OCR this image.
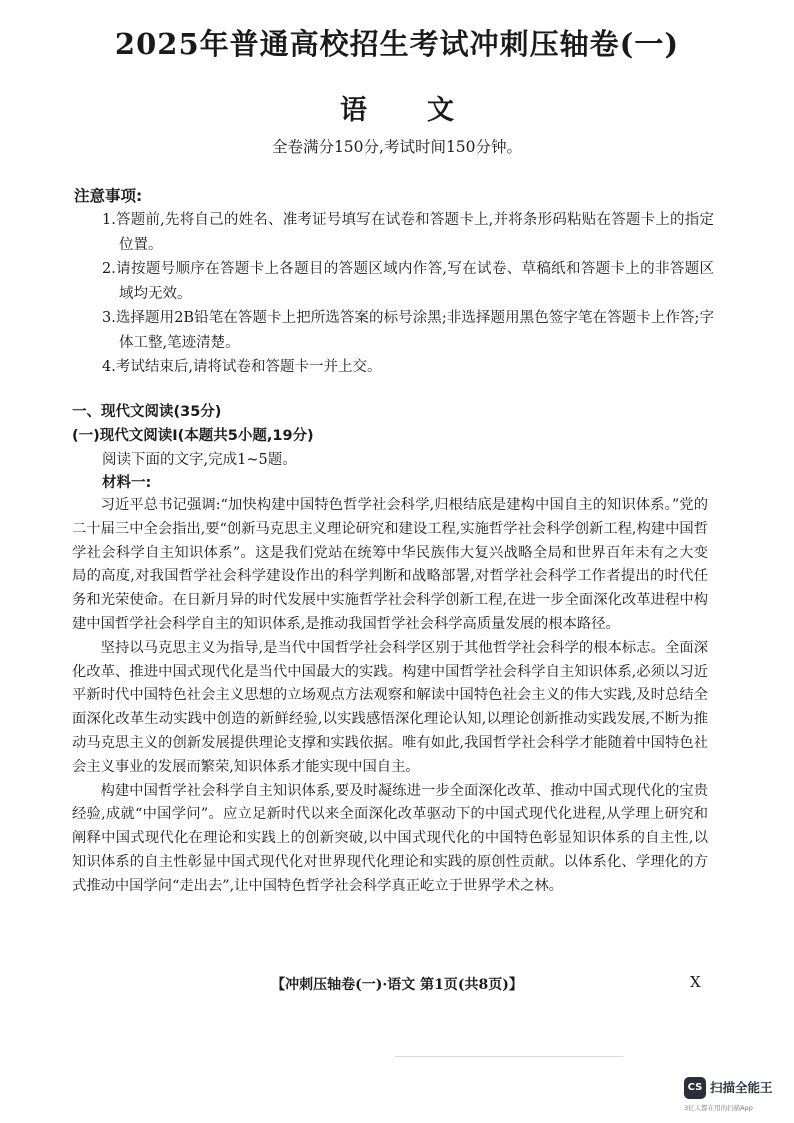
2025年普通高校招生考试冲刺压轴卷(一)
语文
全卷满分150分,考试时间150分钟。
注意事项:
1.答题前,先将自己的姓名、准考证号填写在试卷和答题卡上,并将条形码粘贴在答题卡上的指定位置。
2.请按题号顺序在答题卡上各题目的答题区域内作答,写在试卷、草稿纸和答题卡上的非答题区域均无效。
3.选择题用2B铅笔在答题卡上把所选答案的标号涂黑;非选择题用黑色签字笔在答题卡上作答;字体工整,笔迹清楚。
4.考试结束后,请将试卷和答题卡一并上交。
一、现代文阅读(35分)
(一)现代文阅读Ⅰ(本题共5小题,19分)
阅读下面的文字,完成1~5题。
材料一:

习近平总书记强调:“加快构建中国特色哲学社会科学,归根结底是建构中国自主的知识体系。”党的二十届三中全会指出,要“创新马克思主义理论研究和建设工程,实施哲学社会科学创新工程,构建中国哲学社会科学自主知识体系”。这是我们党站在统筹中华民族伟大复兴战略全局和世界百年未有之大变局的高度,对我国哲学社会科学建设作出的科学判断和战略部署,对哲学社会科学工作者提出的时代任务和光荣使命。在日新月异的时代发展中实施哲学社会科学创新工程,在进一步全面深化改革进程中构建中国哲学社会科学自主的知识体系,是推动我国哲学社会科学高质量发展的根本路径。

坚持以马克思主义为指导,是当代中国哲学社会科学区别于其他哲学社会科学的根本标志。全面深化改革、推进中国式现代化是当代中国最大的实践。构建中国哲学社会科学自主知识体系,必须以习近平新时代中国特色社会主义思想的立场观点方法观察和解读中国特色社会主义的伟大实践,及时总结全面深化改革生动实践中创造的新鲜经验,以实践感悟深化理论认知,以理论创新推动实践发展,不断为推动马克思主义的创新发展提供理论支撑和实践依据。唯有如此,我国哲学社会科学才能随着中国特色社会主义事业的发展而繁荣,知识体系才能实现中国自主。

构建中国哲学社会科学自主知识体系,要及时凝练进一步全面深化改革、推动中国式现代化的宝贵经验,成就“中国学问”。应立足新时代以来全面深化改革驱动下的中国式现代化进程,从学理上研究和阐释中国式现代化在理论和实践上的创新突破,以中国式现代化的中国特色彰显知识体系的自主性,以知识体系的自主性彰显中国式现代化对世界现代化理论和实践的原创性贡献。以体系化、学理化的方式推动中国学问“走出去”,让中国特色哲学社会科学真正屹立于世界学术之林。

【冲刺压轴卷(一)·语文 第1页(共8页)】	X
CS 扫描全能王
3亿人都在用的扫描App
